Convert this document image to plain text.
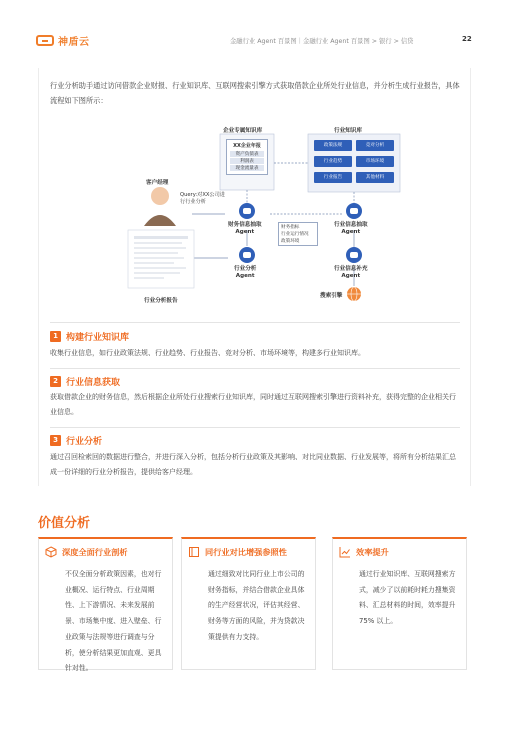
神盾云	金融行业 Agent 百景图｜金融行业 Agent 百景图 > 银行 > 信贷	22
行业分析助手通过访问借款企业财报、行业知识库、互联网搜索引擎方式获取借款企业所处行业信息，并分析生成行业报告，具体流程如下图所示：
企业专属知识库
XX企业年报
资产负债表
利润表
现金流量表
行业知识库
政策法规	竞对分析
行业趋势	市场环境
行业报告	其他材料
客户经理
Query:对XX公司进行行业分析
财务信息抽取
Agent
行业信息抽取
Agent
财务指标
行业运行情况
政策环境
行业分析
Agent
行业信息补充
Agent
搜索引擎
行业分析报告
1 构建行业知识库
收集行业信息，如行业政策法规、行业趋势、行业报告、竞对分析、市场环境等，构建多行业知识库。
2 行业信息获取
获取借款企业的财务信息，然后根据企业所处行业搜索行业知识库，同时通过互联网搜索引擎进行资料补充，获得完整的企业相关行业信息。
3 行业分析
通过召回检索回的数据进行整合，并进行深入分析，包括分析行业政策及其影响、对比同业数据、行业发展等，将所有分析结果汇总成一份详细的行业分析报告，提供给客户经理。
价值分析
深度全面行业剖析
不仅全面分析政策因素，也对行业概况、运行特点、行业周期性、上下游情况、未来发展前景、市场集中度、进入壁垒、行业政策与法规等进行调查与分析，使分析结果更加直观、更具针对性。
同行业对比增强参照性
通过细致对比同行业上市公司的财务指标，并结合借款企业具体的生产经营状况，评估其经营、财务等方面的风险，并为贷款决策提供有力支持。
效率提升
通过行业知识库、互联网搜索方式，减少了以前耗时耗力搜集资料、汇总材料的时间，效率提升 75% 以上。
